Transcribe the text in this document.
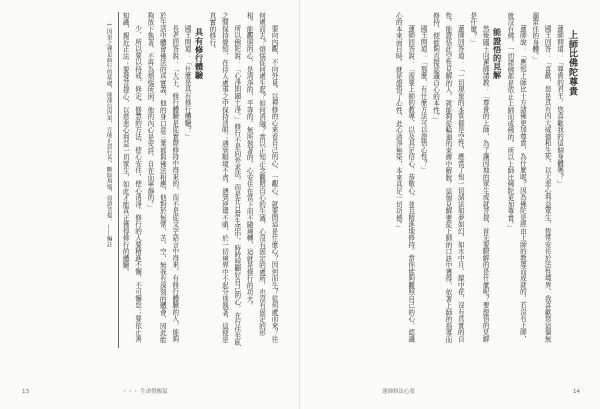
要向內觀，不向外覓。以禪修的心來看自己的心，一觀心，就要問這是什麼心？因何而生？從何處而來？往何處而去？煩惱從何處生起？如何消融？當以正知正念觀照自心的生滅，心沒有固定的處所，也沒有固定的形相。能觀照的心，是清淨的、平等的、無所執著的，心安住在當下而不隨境轉，這就是修行的功夫。

所以佛陀說：「心淨則國土淨。」修行不是向外求法，而是在日常生活中，時時照顧好自己的心，在行住坐臥之間保持覺知，在待人處事之中保持清明；遇到順境不貪，遇到逆境不瞋，於一切境界中不起分別執著，這便是真實的修行。

具有修行體驗

國王問道：「什麼是具有修行體驗？」

長老回答說：「大王，修行體驗是從實際修持中得來的，而不是從文字語言中得來。有修行體驗的人，能夠於生活中體會佛法的真實義，他的身口意三業都與佛法相應，他對於無常、苦、空、無我有深刻的體會，因此能夠放下執著，不再為煩惱所困，他的內心是安詳、自在而寧靜的。」

少，所以要以持戒、修定、修慧的方法，使心安住，使心清淨。修行的人要精進不懈，不可懈怠；要依止善知識，親近正法；要發菩提心，以慈悲心利益一切眾生，如此才能真正獲得修行的體驗。

1 因果之理是修行的基礎，能深信因果，方能止惡行善，斷除煩惱，得證菩提。——編註

13	・・・ 生命覺醒篇

上師比佛陀尊貴

蓮師問道：「尊貴的君王，您喜歡我的這個身體嗎？」

國王回答：「喜歡，您是具有四大威德和生死、以大悲心利益眾生、恆常安住於法性境界、我喜歡您這個無漏常住的身體。」

蓮師說：「應知上師比十方諸佛更加尊貴，為什麼呢？因為佛陀是經由上師的教導而成就的，若沒有上師，就沒有佛。一切諸佛都是依止上師而成佛的，所以上師比佛陀更加尊貴。」

能證悟的見解

然後國王向蓮師請教：「尊貴的上師，為了讓因地的眾生成就菩提，首先要瞭解的是什麼呢？要證悟的見解是什麼？」

蓮師回答道：「一切現象的本質都是空性，應當了知一切諸法如夢如幻，如水中月、鏡中花，沒有真實的自性。能證悟此空性見解的人，就能夠從輪迴的束縛中解脫。這個見解要從上師的口訣中獲得，依著上師的指導而修持，便能夠直接認識自心的本性。」

國王問道：「那麼，有什麼方法可以證悟心性？」

蓮師回答說：「需要上師的教導，以及具足信心、恭敬心，並且精進地修持。當你能夠觀照自己的心，認識心的本來面目時，就是證悟了心性，此心清淨無染，本來具足一切功德。」

蓮師修法心要	14
